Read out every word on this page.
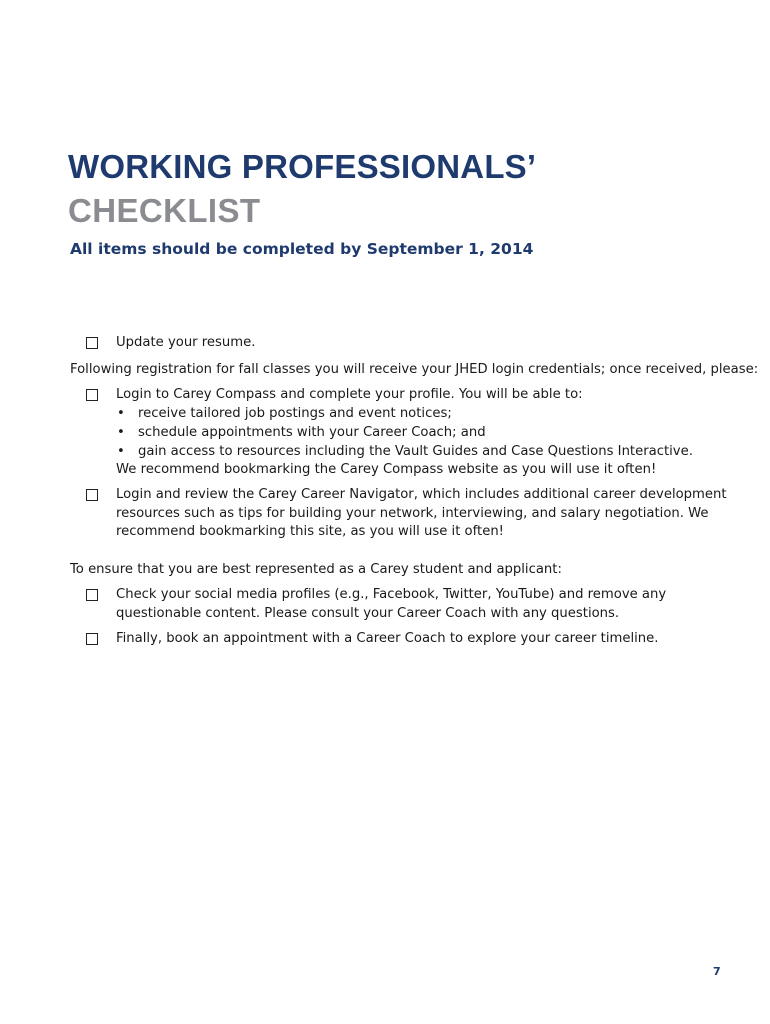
WORKING PROFESSIONALS’
CHECKLIST
All items should be completed by September 1, 2014
Update your resume.
Following registration for fall classes you will receive your JHED login credentials; once received, please:
Login to Carey Compass and complete your profile. You will be able to:
• receive tailored job postings and event notices;
• schedule appointments with your Career Coach; and
• gain access to resources including the Vault Guides and Case Questions Interactive.
We recommend bookmarking the Carey Compass website as you will use it often!
Login and review the Carey Career Navigator, which includes additional career development
resources such as tips for building your network, interviewing, and salary negotiation. We
recommend bookmarking this site, as you will use it often!
To ensure that you are best represented as a Carey student and applicant:
Check your social media profiles (e.g., Facebook, Twitter, YouTube) and remove any
questionable content. Please consult your Career Coach with any questions.
Finally, book an appointment with a Career Coach to explore your career timeline.
7
